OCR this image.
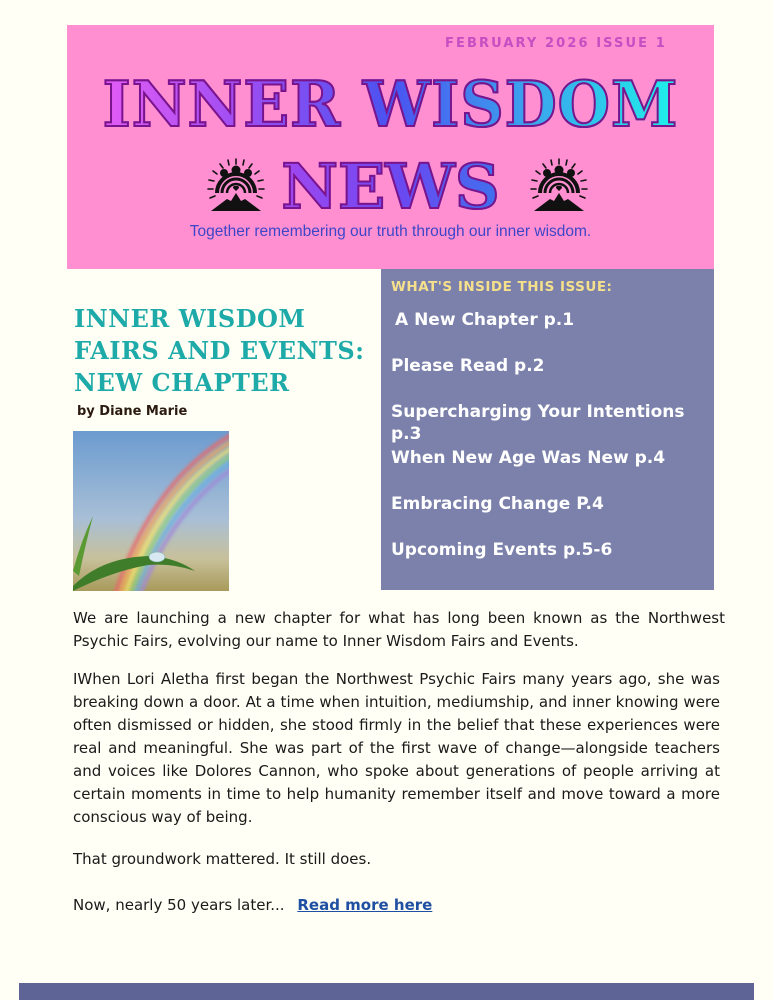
FEBRUARY 2026 ISSUE 1
INNER WISDOM
NEWS
Together remembering our truth through our inner wisdom.
INNER WISDOM FAIRS AND EVENTS: NEW CHAPTER
by Diane Marie
WHAT'S INSIDE THIS ISSUE:
A New Chapter p.1
Please Read p.2
Supercharging Your Intentions p.3
When New Age Was New p.4
Embracing Change P.4
Upcoming Events p.5-6

We are launching a new chapter for what has long been known as the Northwest Psychic Fairs, evolving our name to Inner Wisdom Fairs and Events.

IWhen Lori Aletha first began the Northwest Psychic Fairs many years ago, she was breaking down a door. At a time when intuition, mediumship, and inner knowing were often dismissed or hidden, she stood firmly in the belief that these experiences were real and meaningful. She was part of the first wave of change—alongside teachers and voices like Dolores Cannon, who spoke about generations of people arriving at certain moments in time to help humanity remember itself and move toward a more conscious way of being.

That groundwork mattered. It still does.

Now, nearly 50 years later... Read more here
